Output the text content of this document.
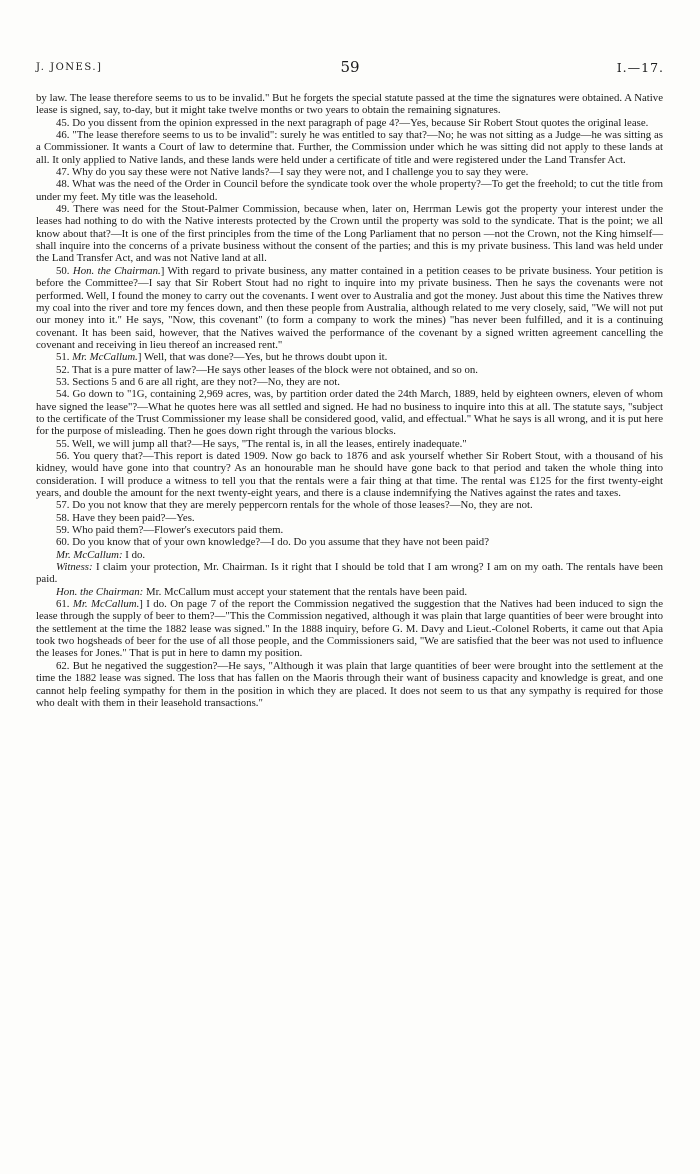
J. JONES.]	59	I.—17.

by law. The lease therefore seems to us to be invalid." But he forgets the special statute passed at the time the signatures were obtained. A Native lease is signed, say, to-day, but it might take twelve months or two years to obtain the remaining signatures.

45. Do you dissent from the opinion expressed in the next paragraph of page 4?—Yes, because Sir Robert Stout quotes the original lease.

46. "The lease therefore seems to us to be invalid": surely he was entitled to say that?—No; he was not sitting as a Judge—he was sitting as a Commissioner. It wants a Court of law to determine that. Further, the Commission under which he was sitting did not apply to these lands at all. It only applied to Native lands, and these lands were held under a certificate of title and were registered under the Land Transfer Act.

47. Why do you say these were not Native lands?—I say they were not, and I challenge you to say they were.

48. What was the need of the Order in Council before the syndicate took over the whole property?—To get the freehold; to cut the title from under my feet. My title was the leasehold.

49. There was need for the Stout-Palmer Commission, because when, later on, Herrman Lewis got the property your interest under the leases had nothing to do with the Native interests protected by the Crown until the property was sold to the syndicate. That is the point; we all know about that?—It is one of the first principles from the time of the Long Parliament that no person —not the Crown, not the King himself—shall inquire into the concerns of a private business without the consent of the parties; and this is my private business. This land was held under the Land Transfer Act, and was not Native land at all.

50. Hon. the Chairman.] With regard to private business, any matter contained in a petition ceases to be private business. Your petition is before the Committee?—I say that Sir Robert Stout had no right to inquire into my private business. Then he says the covenants were not performed. Well, I found the money to carry out the covenants. I went over to Australia and got the money. Just about this time the Natives threw my coal into the river and tore my fences down, and then these people from Australia, although related to me very closely, said, "We will not put our money into it." He says, "Now, this covenant" (to form a company to work the mines) "has never been fulfilled, and it is a continuing covenant. It has been said, however, that the Natives waived the performance of the covenant by a signed written agreement cancelling the covenant and receiving in lieu thereof an increased rent."

51. Mr. McCallum.] Well, that was done?—Yes, but he throws doubt upon it.

52. That is a pure matter of law?—He says other leases of the block were not obtained, and so on.

53. Sections 5 and 6 are all right, are they not?—No, they are not.

54. Go down to "1G, containing 2,969 acres, was, by partition order dated the 24th March, 1889, held by eighteen owners, eleven of whom have signed the lease"?—What he quotes here was all settled and signed. He had no business to inquire into this at all. The statute says, "subject to the certificate of the Trust Commissioner my lease shall be considered good, valid, and effectual." What he says is all wrong, and it is put here for the purpose of misleading. Then he goes down right through the various blocks.

55. Well, we will jump all that?—He says, "The rental is, in all the leases, entirely inadequate."

56. You query that?—This report is dated 1909. Now go back to 1876 and ask yourself whether Sir Robert Stout, with a thousand of his kidney, would have gone into that country? As an honourable man he should have gone back to that period and taken the whole thing into consideration. I will produce a witness to tell you that the rentals were a fair thing at that time. The rental was £125 for the first twenty-eight years, and double the amount for the next twenty-eight years, and there is a clause indemnifying the Natives against the rates and taxes.

57. Do you not know that they are merely peppercorn rentals for the whole of those leases?—No, they are not.

58. Have they been paid?—Yes.

59. Who paid them?—Flower's executors paid them.

60. Do you know that of your own knowledge?—I do. Do you assume that they have not been paid?

Mr. McCallum: I do.

Witness: I claim your protection, Mr. Chairman. Is it right that I should be told that I am wrong? I am on my oath. The rentals have been paid.

Hon. the Chairman: Mr. McCallum must accept your statement that the rentals have been paid.

61. Mr. McCallum.] I do. On page 7 of the report the Commission negatived the suggestion that the Natives had been induced to sign the lease through the supply of beer to them?—"This the Commission negatived, although it was plain that large quantities of beer were brought into the settlement at the time the 1882 lease was signed." In the 1888 inquiry, before G. M. Davy and Lieut.-Colonel Roberts, it came out that Apia took two hogsheads of beer for the use of all those people, and the Commissioners said, "We are satisfied that the beer was not used to influence the leases for Jones." That is put in here to damn my position.

62. But he negatived the suggestion?—He says, "Although it was plain that large quantities of beer were brought into the settlement at the time the 1882 lease was signed. The loss that has fallen on the Maoris through their want of business capacity and knowledge is great, and one cannot help feeling sympathy for them in the position in which they are placed. It does not seem to us that any sympathy is required for those who dealt with them in their leasehold transactions."
